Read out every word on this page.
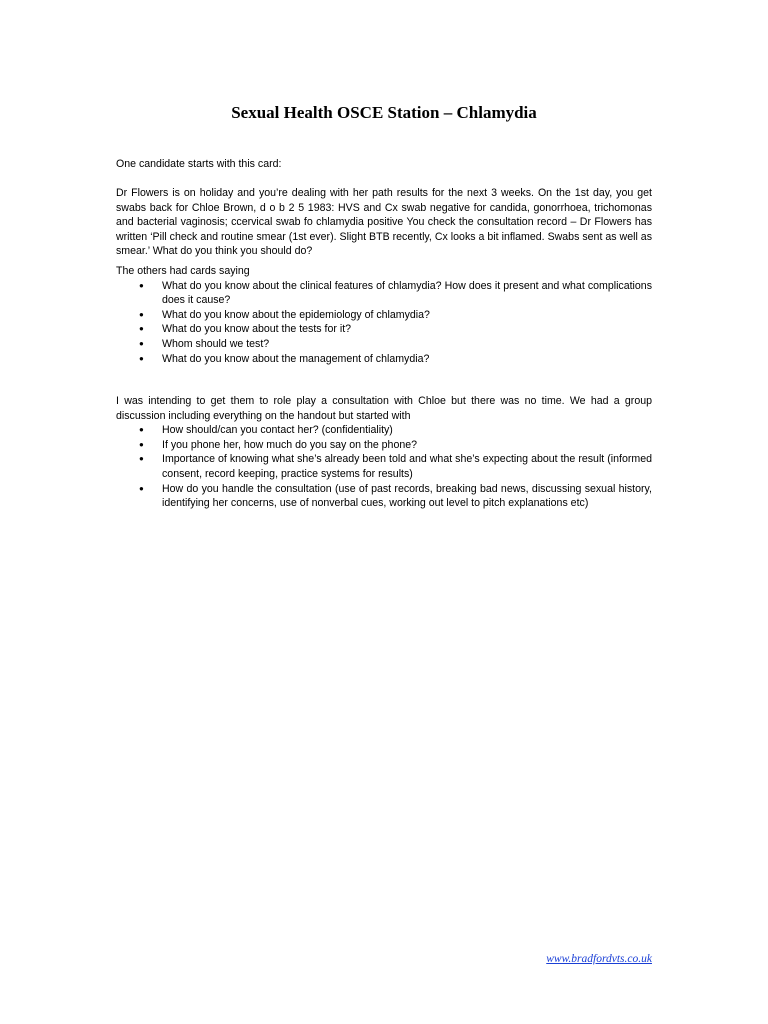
Sexual Health OSCE Station – Chlamydia

One candidate starts with this card:

Dr Flowers is on holiday and you’re dealing with her path results for the next 3 weeks. On the 1st day, you get swabs back for Chloe Brown, d o b 2 5 1983: HVS and Cx swab negative for candida, gonorrhoea, trichomonas and bacterial vaginosis; ccervical swab fo chlamydia positive You check the consultation record – Dr Flowers has written ‘Pill check and routine smear (1st ever). Slight BTB recently, Cx looks a bit inflamed. Swabs sent as well as smear.’ What do you think you should do?

The others had cards saying
● What do you know about the clinical features of chlamydia? How does it present and what complications does it cause?
● What do you know about the epidemiology of chlamydia?
● What do you know about the tests for it?
● Whom should we test?
● What do you know about the management of chlamydia?
I was intending to get them to role play a consultation with Chloe but there was no time. We had a group discussion including everything on the handout but started with
● How should/can you contact her? (confidentiality)
● If you phone her, how much do you say on the phone?
● Importance of knowing what she’s already been told and what she’s expecting about the result (informed consent, record keeping, practice systems for results)
● How do you handle the consultation (use of past records, breaking bad news, discussing sexual history, identifying her concerns, use of nonverbal cues, working out level to pitch explanations etc)
www.bradfordvts.co.uk
